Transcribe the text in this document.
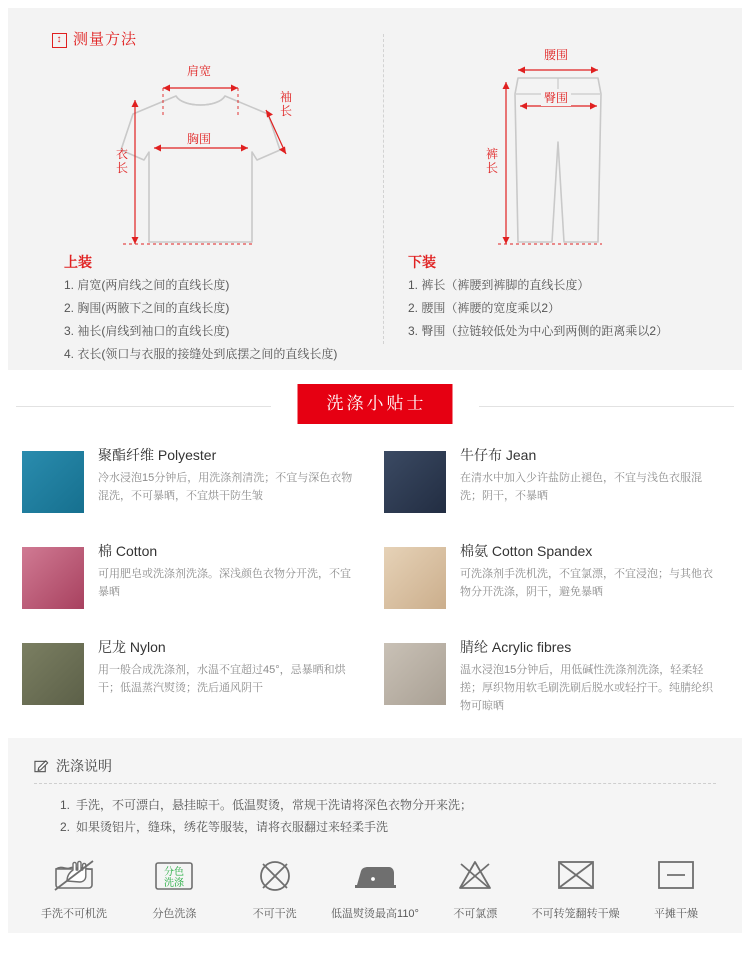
↕ 测量方法
肩宽
袖长
胸围
衣长
上装
1. 肩宽(两肩线之间的直线长度)
2. 胸围(两腋下之间的直线长度)
3. 袖长(肩线到袖口的直线长度)
4. 衣长(领口与衣服的接缝处到底摆之间的直线长度)
腰围
臀围
裤长
下装
1. 裤长（裤腰到裤脚的直线长度）
2. 腰围（裤腰的宽度乘以2）
3. 臀围（拉链较低处为中心到两侧的距离乘以2）
洗涤小贴士
聚酯纤维 Polyester
冷水浸泡15分钟后，用洗涤剂清洗；不宜与深色衣物混洗，不可暴晒，不宜烘干防生皱
牛仔布 Jean
在清水中加入少许盐防止褪色，不宜与浅色衣服混洗；阴干，不暴晒
棉 Cotton
可用肥皂或洗涤剂洗涤。深浅颜色衣物分开洗，不宜暴晒
棉氨 Cotton Spandex
可洗涤剂手洗机洗，不宜氯漂，不宜浸泡；与其他衣物分开洗涤，阴干，避免暴晒
尼龙 Nylon
用一般合成洗涤剂，水温不宜超过45°，忌暴晒和烘干；低温蒸汽熨烫；洗后通风阴干
腈纶 Acrylic fibres
温水浸泡15分钟后，用低碱性洗涤剂洗涤，轻柔轻搓；厚织物用软毛刷洗刷后脱水或轻拧干。纯腈纶织物可晾晒
洗涤说明
1. 手洗，不可漂白，悬挂晾干。低温熨烫，常规干洗请将深色衣物分开来洗；
2. 如果烫铝片，缝珠，绣花等服装，请将衣服翻过来轻柔手洗
手洗不可机洗
分色
洗涤
分色洗涤	不可干洗	低温熨烫最高110°	不可氯漂	不可转笼翻转干燥	平摊干燥
